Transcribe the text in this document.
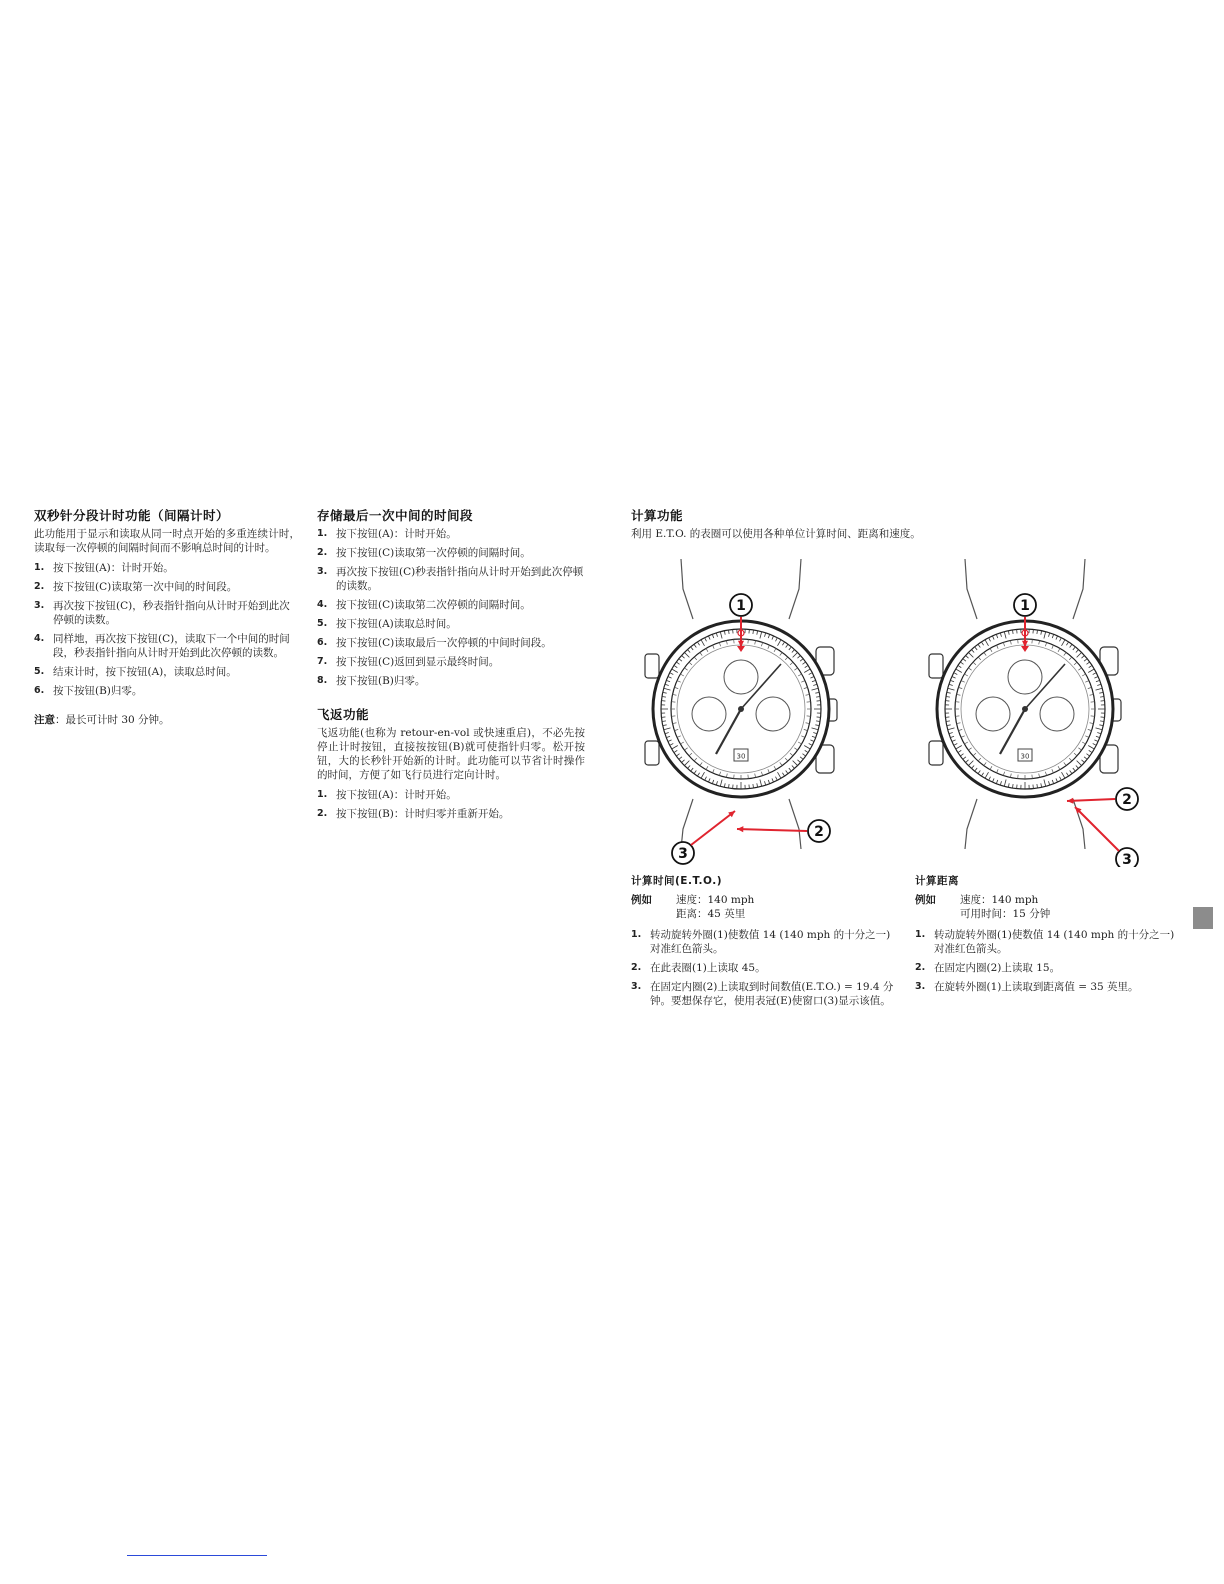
双秒针分段计时功能（间隔计时）

此功能用于显示和读取从同一时点开始的多重连续计时，读取每一次停顿的间隔时间而不影响总时间的计时。

1. 按下按钮(A)：计时开始。
2. 按下按钮(C)读取第一次中间的时间段。
3. 再次按下按钮(C)，秒表指针指向从计时开始到此次停顿的读数。
4. 同样地，再次按下按钮(C)，读取下一个中间的时间段，秒表指针指向从计时开始到此次停顿的读数。
5. 结束计时，按下按钮(A)，读取总时间。
6. 按下按钮(B)归零。
注意：最长可计时 30 分钟。
存储最后一次中间的时间段
1. 按下按钮(A)：计时开始。
2. 按下按钮(C)读取第一次停顿的间隔时间。
3. 再次按下按钮(C)秒表指针指向从计时开始到此次停顿的读数。
4. 按下按钮(C)读取第二次停顿的间隔时间。
5. 按下按钮(A)读取总时间。
6. 按下按钮(C)读取最后一次停顿的中间时间段。
7. 按下按钮(C)返回到显示最终时间。
8. 按下按钮(B)归零。
飞返功能

飞返功能(也称为 retour-en-vol 或快速重启)，不必先按停止计时按钮，直接按按钮(B)就可使指针归零。松开按钮，大的长秒针开始新的计时。此功能可以节省计时操作的时间，方便了如飞行员进行定向计时。

1. 按下按钮(A)：计时开始。
2. 按下按钮(B)：计时归零并重新开始。
计算功能

利用 E.T.O. 的表圈可以使用各种单位计算时间、距离和速度。

30
1
2
3
30
1
2
3
计算时间(E.T.O.)
例如	速度：140 mph
距离：45 英里
1. 转动旋转外圈(1)使数值 14 (140 mph 的十分之一) 对准红色箭头。
2. 在此表圈(1)上读取 45。
3. 在固定内圈(2)上读取到时间数值(E.T.O.) = 19.4 分钟。要想保存它，使用表冠(E)使窗口(3)显示该值。
计算距离
例如	速度：140 mph
可用时间：15 分钟
1. 转动旋转外圈(1)使数值 14 (140 mph 的十分之一) 对准红色箭头。
2. 在固定内圈(2)上读取 15。
3. 在旋转外圈(1)上读取到距离值 = 35 英里。
